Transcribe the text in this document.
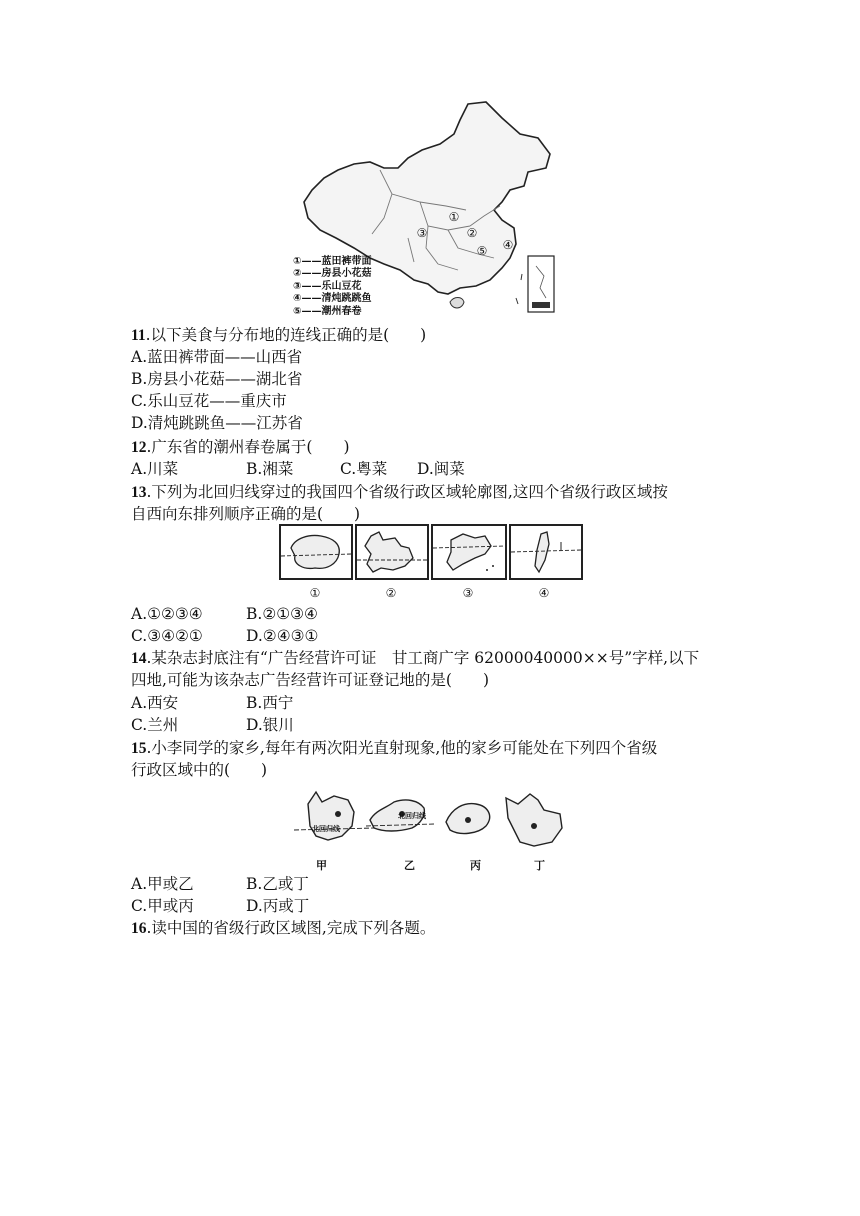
①
②
③
④
⑤
①——蓝田裤带面
②——房县小花菇
③——乐山豆花
④——清炖跳跳鱼
⑤——潮州春卷
11.以下美食与分布地的连线正确的是(　　)
A.蓝田裤带面——山西省
B.房县小花菇——湖北省
C.乐山豆花——重庆市
D.清炖跳跳鱼——江苏省
12.广东省的潮州春卷属于(　　)
A.川菜	B.湘菜	C.粤菜 D.闽菜
13.下列为北回归线穿过的我国四个省级行政区域轮廓图,这四个省级行政区域按
自西向东排列顺序正确的是(　　)
①	②	③	④
A.①②③④	B.②①③④
C.③④②①	D.②④③①
14.某杂志封底注有“广告经营许可证　甘工商广字 62000040000××号”字样,以下
四地,可能为该杂志广告经营许可证登记地的是(　　)
A.西安	B.西宁
C.兰州	D.银川
15.小李同学的家乡,每年有两次阳光直射现象,他的家乡可能处在下列四个省级
行政区域中的(　　)
北回归线
北回归线
甲	乙	丙	丁
A.甲或乙	B.乙或丁
C.甲或丙	D.丙或丁
16.读中国的省级行政区域图,完成下列各题。
